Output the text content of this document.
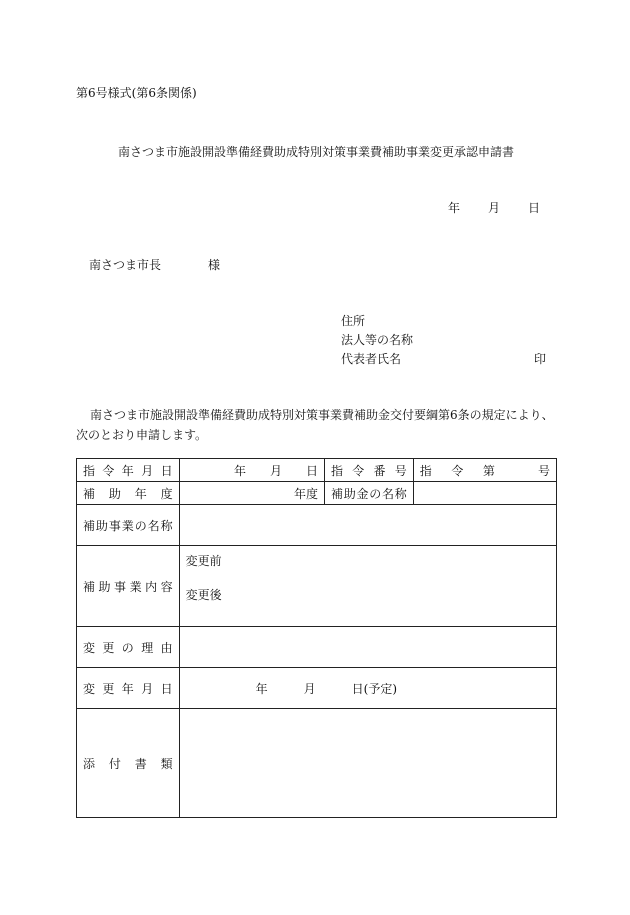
第6号様式(第6条関係)
南さつま市施設開設準備経費助成特別対策事業費補助事業変更承認申請書
年 月 日
南さつま市長	様
住所
法人等の名称
代表者氏名	印
南さつま市施設開設準備経費助成特別対策事業費補助金交付要綱第6条の規定により、次のとおり申請します。
指令年月日	年 月 日	指令番号	指令第 号
補助年度	年度	補助金の名称	
補助事業の名称			
補助事業内容	変更前
変更後		

変更の理由			
変更年月日	年 月 日(予定)		
添付書類			
